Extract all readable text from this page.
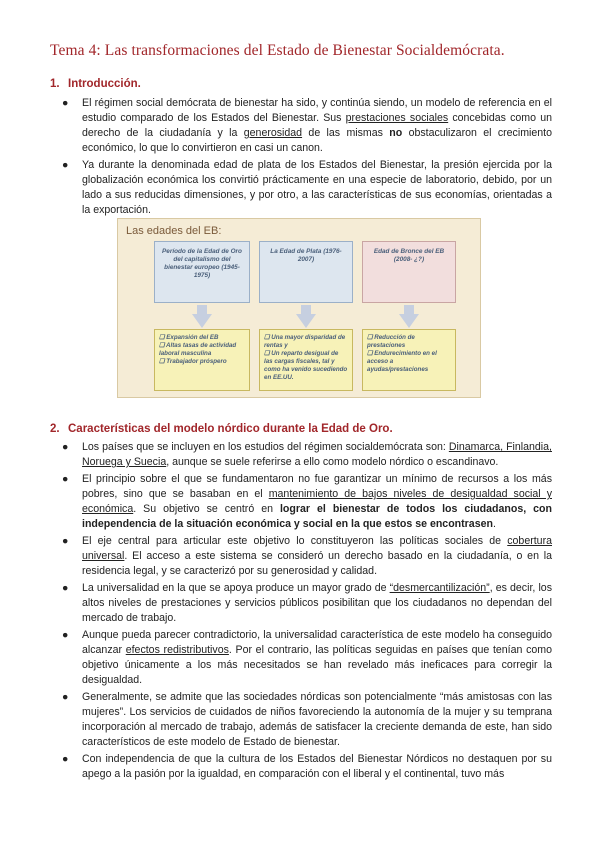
Tema 4: Las transformaciones del Estado de Bienestar Socialdemócrata.
1. Introducción.
● El régimen social demócrata de bienestar ha sido, y continúa siendo, un modelo de referencia en el estudio comparado de los Estados del Bienestar. Sus prestaciones sociales concebidas como un derecho de la ciudadanía y la generosidad de las mismas no obstaculizaron el crecimiento económico, lo que lo convirtieron en casi un canon.
● Ya durante la denominada edad de plata de los Estados del Bienestar, la presión ejercida por la globalización económica los convirtió prácticamente en una especie de laboratorio, debido, por un lado a sus reducidas dimensiones, y por otro, a las características de sus economías, orientadas a la exportación.
Las edades del EB:
Período de la Edad de Oro del capitalismo del bienestar europeo (1945-1975)
La Edad de Plata (1976-2007)
Edad de Bronce del EB (2008- ¿?)
❑ Expansión del EB
❑ Altas tasas de actividad laboral masculina
❑ Trabajador próspero
❑ Una mayor disparidad de rentas y
❑ Un reparto desigual de las cargas fiscales, tal y como ha venido sucediendo en EE.UU.
❑ Reducción de prestaciones
❑ Endurecimiento en el acceso a ayudas/prestaciones
2. Características del modelo nórdico durante la Edad de Oro.
● Los países que se incluyen en los estudios del régimen socialdemócrata son: Dinamarca, Finlandia, Noruega y Suecia, aunque se suele referirse a ello como modelo nórdico o escandinavo.
● El principio sobre el que se fundamentaron no fue garantizar un mínimo de recursos a los más pobres, sino que se basaban en el mantenimiento de bajos niveles de desigualdad social y económica. Su objetivo se centró en lograr el bienestar de todos los ciudadanos, con independencia de la situación económica y social en la que estos se encontrasen.
● El eje central para articular este objetivo lo constituyeron las políticas sociales de cobertura universal. El acceso a este sistema se consideró un derecho basado en la ciudadanía, o en la residencia legal, y se caracterizó por su generosidad y calidad.
● La universalidad en la que se apoya produce un mayor grado de “desmercantilización”, es decir, los altos niveles de prestaciones y servicios públicos posibilitan que los ciudadanos no dependan del mercado de trabajo.
● Aunque pueda parecer contradictorio, la universalidad característica de este modelo ha conseguido alcanzar efectos redistributivos. Por el contrario, las políticas seguidas en países que tenían como objetivo únicamente a los más necesitados se han revelado más ineficaces para corregir la desigualdad.
● Generalmente, se admite que las sociedades nórdicas son potencialmente “más amistosas con las mujeres”. Los servicios de cuidados de niños favoreciendo la autonomía de la mujer y su temprana incorporación al mercado de trabajo, además de satisfacer la creciente demanda de este, han sido característicos de este modelo de Estado de bienestar.
● Con independencia de que la cultura de los Estados del Bienestar Nórdicos no destaquen por su apego a la pasión por la igualdad, en comparación con el liberal y el continental, tuvo más
